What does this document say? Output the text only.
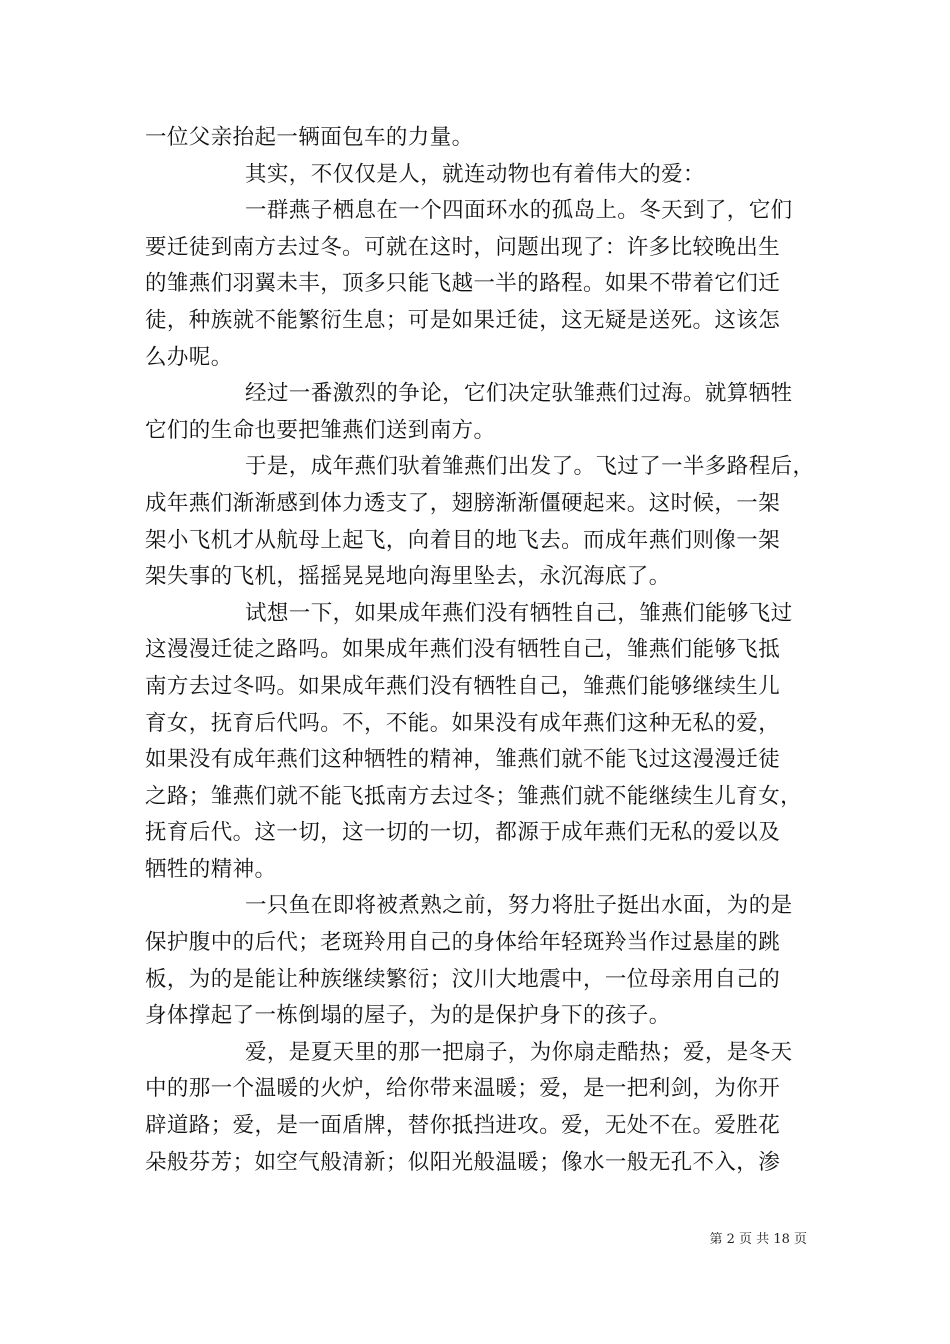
一位父亲抬起一辆面包车的力量。
其实，不仅仅是人，就连动物也有着伟大的爱：
一群燕子栖息在一个四面环水的孤岛上。冬天到了，它们
要迁徒到南方去过冬。可就在这时，问题出现了：许多比较晚出生
的雏燕们羽翼未丰，顶多只能飞越一半的路程。如果不带着它们迁
徒，种族就不能繁衍生息；可是如果迁徒，这无疑是送死。这该怎
么办呢。
经过一番激烈的争论，它们决定驮雏燕们过海。就算牺牲
它们的生命也要把雏燕们送到南方。
于是，成年燕们驮着雏燕们出发了。飞过了一半多路程后，
成年燕们渐渐感到体力透支了，翅膀渐渐僵硬起来。这时候，一架
架小飞机才从航母上起飞，向着目的地飞去。而成年燕们则像一架
架失事的飞机，摇摇晃晃地向海里坠去，永沉海底了。
试想一下，如果成年燕们没有牺牲自己，雏燕们能够飞过
这漫漫迁徒之路吗。如果成年燕们没有牺牲自己，雏燕们能够飞抵
南方去过冬吗。如果成年燕们没有牺牲自己，雏燕们能够继续生儿
育女，抚育后代吗。不，不能。如果没有成年燕们这种无私的爱，
如果没有成年燕们这种牺牲的精神，雏燕们就不能飞过这漫漫迁徒
之路；雏燕们就不能飞抵南方去过冬；雏燕们就不能继续生儿育女，
抚育后代。这一切，这一切的一切，都源于成年燕们无私的爱以及
牺牲的精神。
一只鱼在即将被煮熟之前，努力将肚子挺出水面，为的是
保护腹中的后代；老斑羚用自己的身体给年轻斑羚当作过悬崖的跳
板，为的是能让种族继续繁衍；汶川大地震中，一位母亲用自己的
身体撑起了一栋倒塌的屋子，为的是保护身下的孩子。
爱，是夏天里的那一把扇子，为你扇走酷热；爱，是冬天
中的那一个温暖的火炉，给你带来温暖；爱，是一把利剑，为你开
辟道路；爱，是一面盾牌，替你抵挡进攻。爱，无处不在。爱胜花
朵般芬芳；如空气般清新；似阳光般温暖；像水一般无孔不入，渗
第 2 页 共 18 页
